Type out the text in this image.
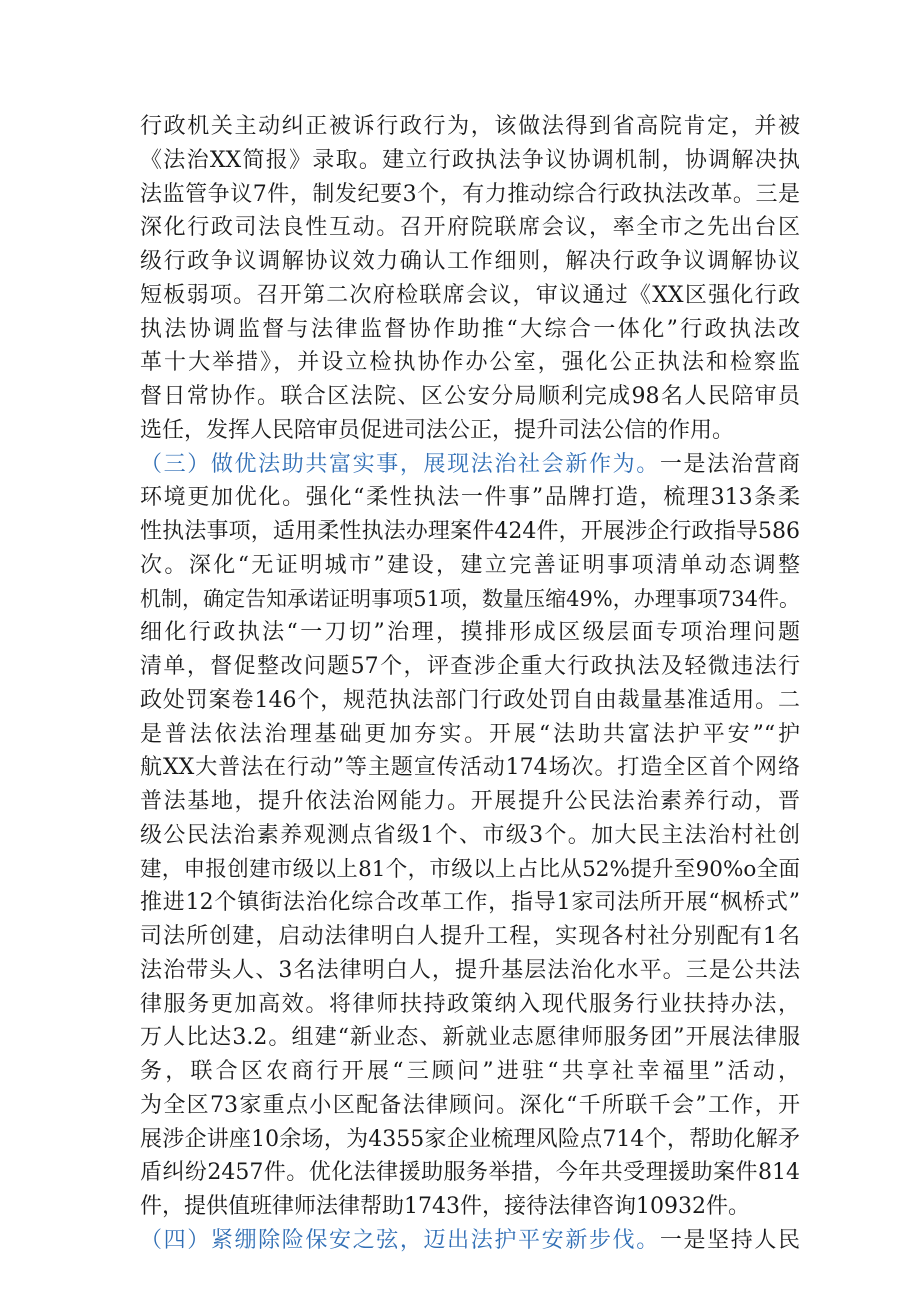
行政机关主动纠正被诉行政行为，该做法得到省高院肯定，并被
《法治XX简报》录取。建立行政执法争议协调机制，协调解决执
法监管争议7件，制发纪要3个，有力推动综合行政执法改革。三是
深化行政司法良性互动。召开府院联席会议，率全市之先出台区
级行政争议调解协议效力确认工作细则，解决行政争议调解协议
短板弱项。召开第二次府检联席会议，审议通过《XX区强化行政
执法协调监督与法律监督协作助推“大综合一体化”行政执法改
革十大举措》，并设立检执协作办公室，强化公正执法和检察监
督日常协作。联合区法院、区公安分局顺利完成98名人民陪审员
选任，发挥人民陪审员促进司法公正，提升司法公信的作用。
（三）做优法助共富实事，展现法治社会新作为。一是法治营商
环境更加优化。强化“柔性执法一件事”品牌打造，梳理313条柔
性执法事项，适用柔性执法办理案件424件，开展涉企行政指导586
次。深化“无证明城市”建设，建立完善证明事项清单动态调整
机制，确定告知承诺证明事项51项，数量压缩49%，办理事项734件。
细化行政执法“一刀切”治理，摸排形成区级层面专项治理问题
清单，督促整改问题57个，评查涉企重大行政执法及轻微违法行
政处罚案卷146个，规范执法部门行政处罚自由裁量基准适用。二
是普法依法治理基础更加夯实。开展“法助共富法护平安”“护
航XX大普法在行动”等主题宣传活动174场次。打造全区首个网络
普法基地，提升依法治网能力。开展提升公民法治素养行动，晋
级公民法治素养观测点省级1个、市级3个。加大民主法治村社创
建，申报创建市级以上81个，市级以上占比从52%提升至90%o全面
推进12个镇街法治化综合改革工作，指导1家司法所开展“枫桥式”
司法所创建，启动法律明白人提升工程，实现各村社分别配有1名
法治带头人、3名法律明白人，提升基层法治化水平。三是公共法
律服务更加高效。将律师扶持政策纳入现代服务行业扶持办法，
万人比达3.2。组建“新业态、新就业志愿律师服务团”开展法律服
务，联合区农商行开展“三顾问”进驻“共享社幸福里”活动，
为全区73家重点小区配备法律顾问。深化“千所联千会”工作，开
展涉企讲座10余场，为4355家企业梳理风险点714个，帮助化解矛
盾纠纷2457件。优化法律援助服务举措，今年共受理援助案件814
件，提供值班律师法律帮助1743件，接待法律咨询10932件。
（四）紧绷除险保安之弦，迈出法护平安新步伐。一是坚持人民
